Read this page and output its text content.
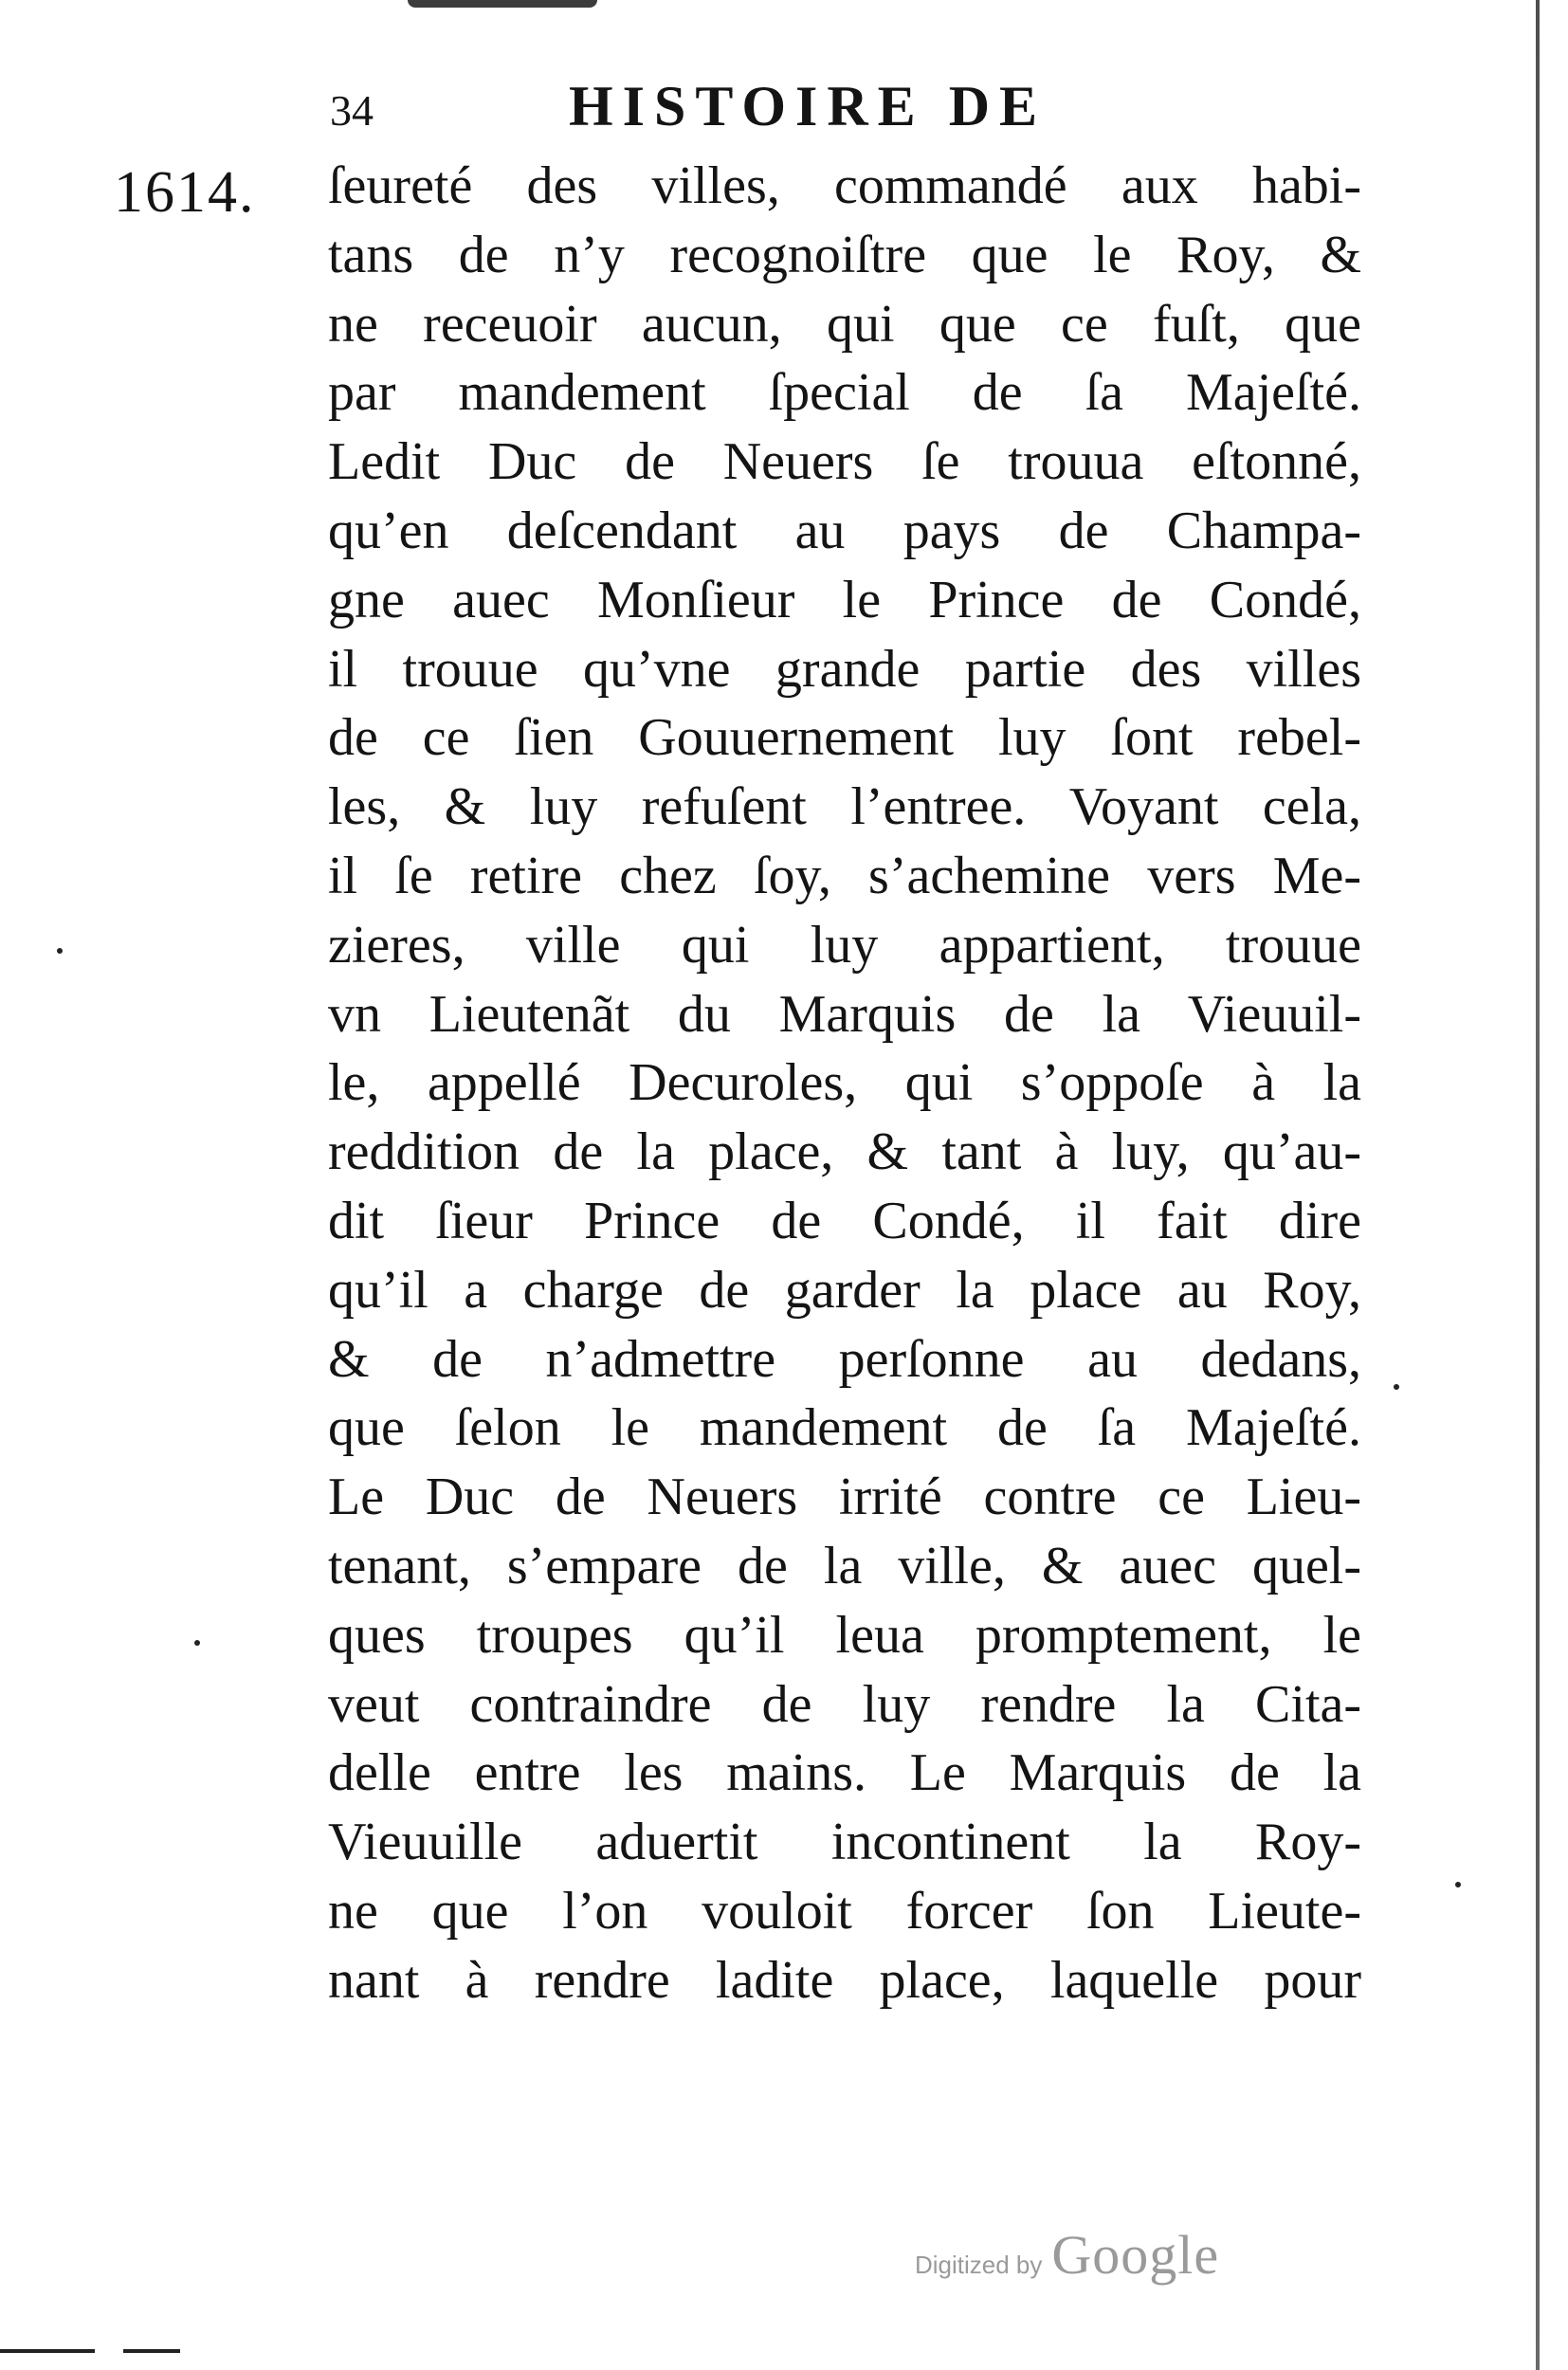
34	HISTOIRE DE
1614. ſeureté des villes, commandé aux habi-
tans de n’y recognoiſtre que le Roy, &
ne receuoir aucun, qui que ce fuſt, que
par mandement ſpecial de ſa Majeſté.
Ledit Duc de Neuers ſe trouua eſtonné,
qu’en deſcendant au pays de Champa-
gne auec Monſieur le Prince de Condé,
il trouue qu’vne grande partie des villes
de ce ſien Gouuernement luy ſont rebel-
les, & luy refuſent l’entree. Voyant cela,
il ſe retire chez ſoy, s’achemine vers Me-
zieres, ville qui luy appartient, trouue
vn Lieutenãt du Marquis de la Vieuuil-
le, appellé Decuroles, qui s’oppoſe à la
reddition de la place, & tant à luy, qu’au-
dit ſieur Prince de Condé, il fait dire
qu’il a charge de garder la place au Roy,
& de n’admettre perſonne au dedans,
que ſelon le mandement de ſa Majeſté.
Le Duc de Neuers irrité contre ce Lieu-
tenant, s’empare de la ville, & auec quel-
ques troupes qu’il leua promptement, le
veut contraindre de luy rendre la Cita-
delle entre les mains. Le Marquis de la
Vieuuille aduertit incontinent la Roy-
ne que l’on vouloit forcer ſon Lieute-
nant à rendre ladite place, laquelle pour
Digitized by Google
